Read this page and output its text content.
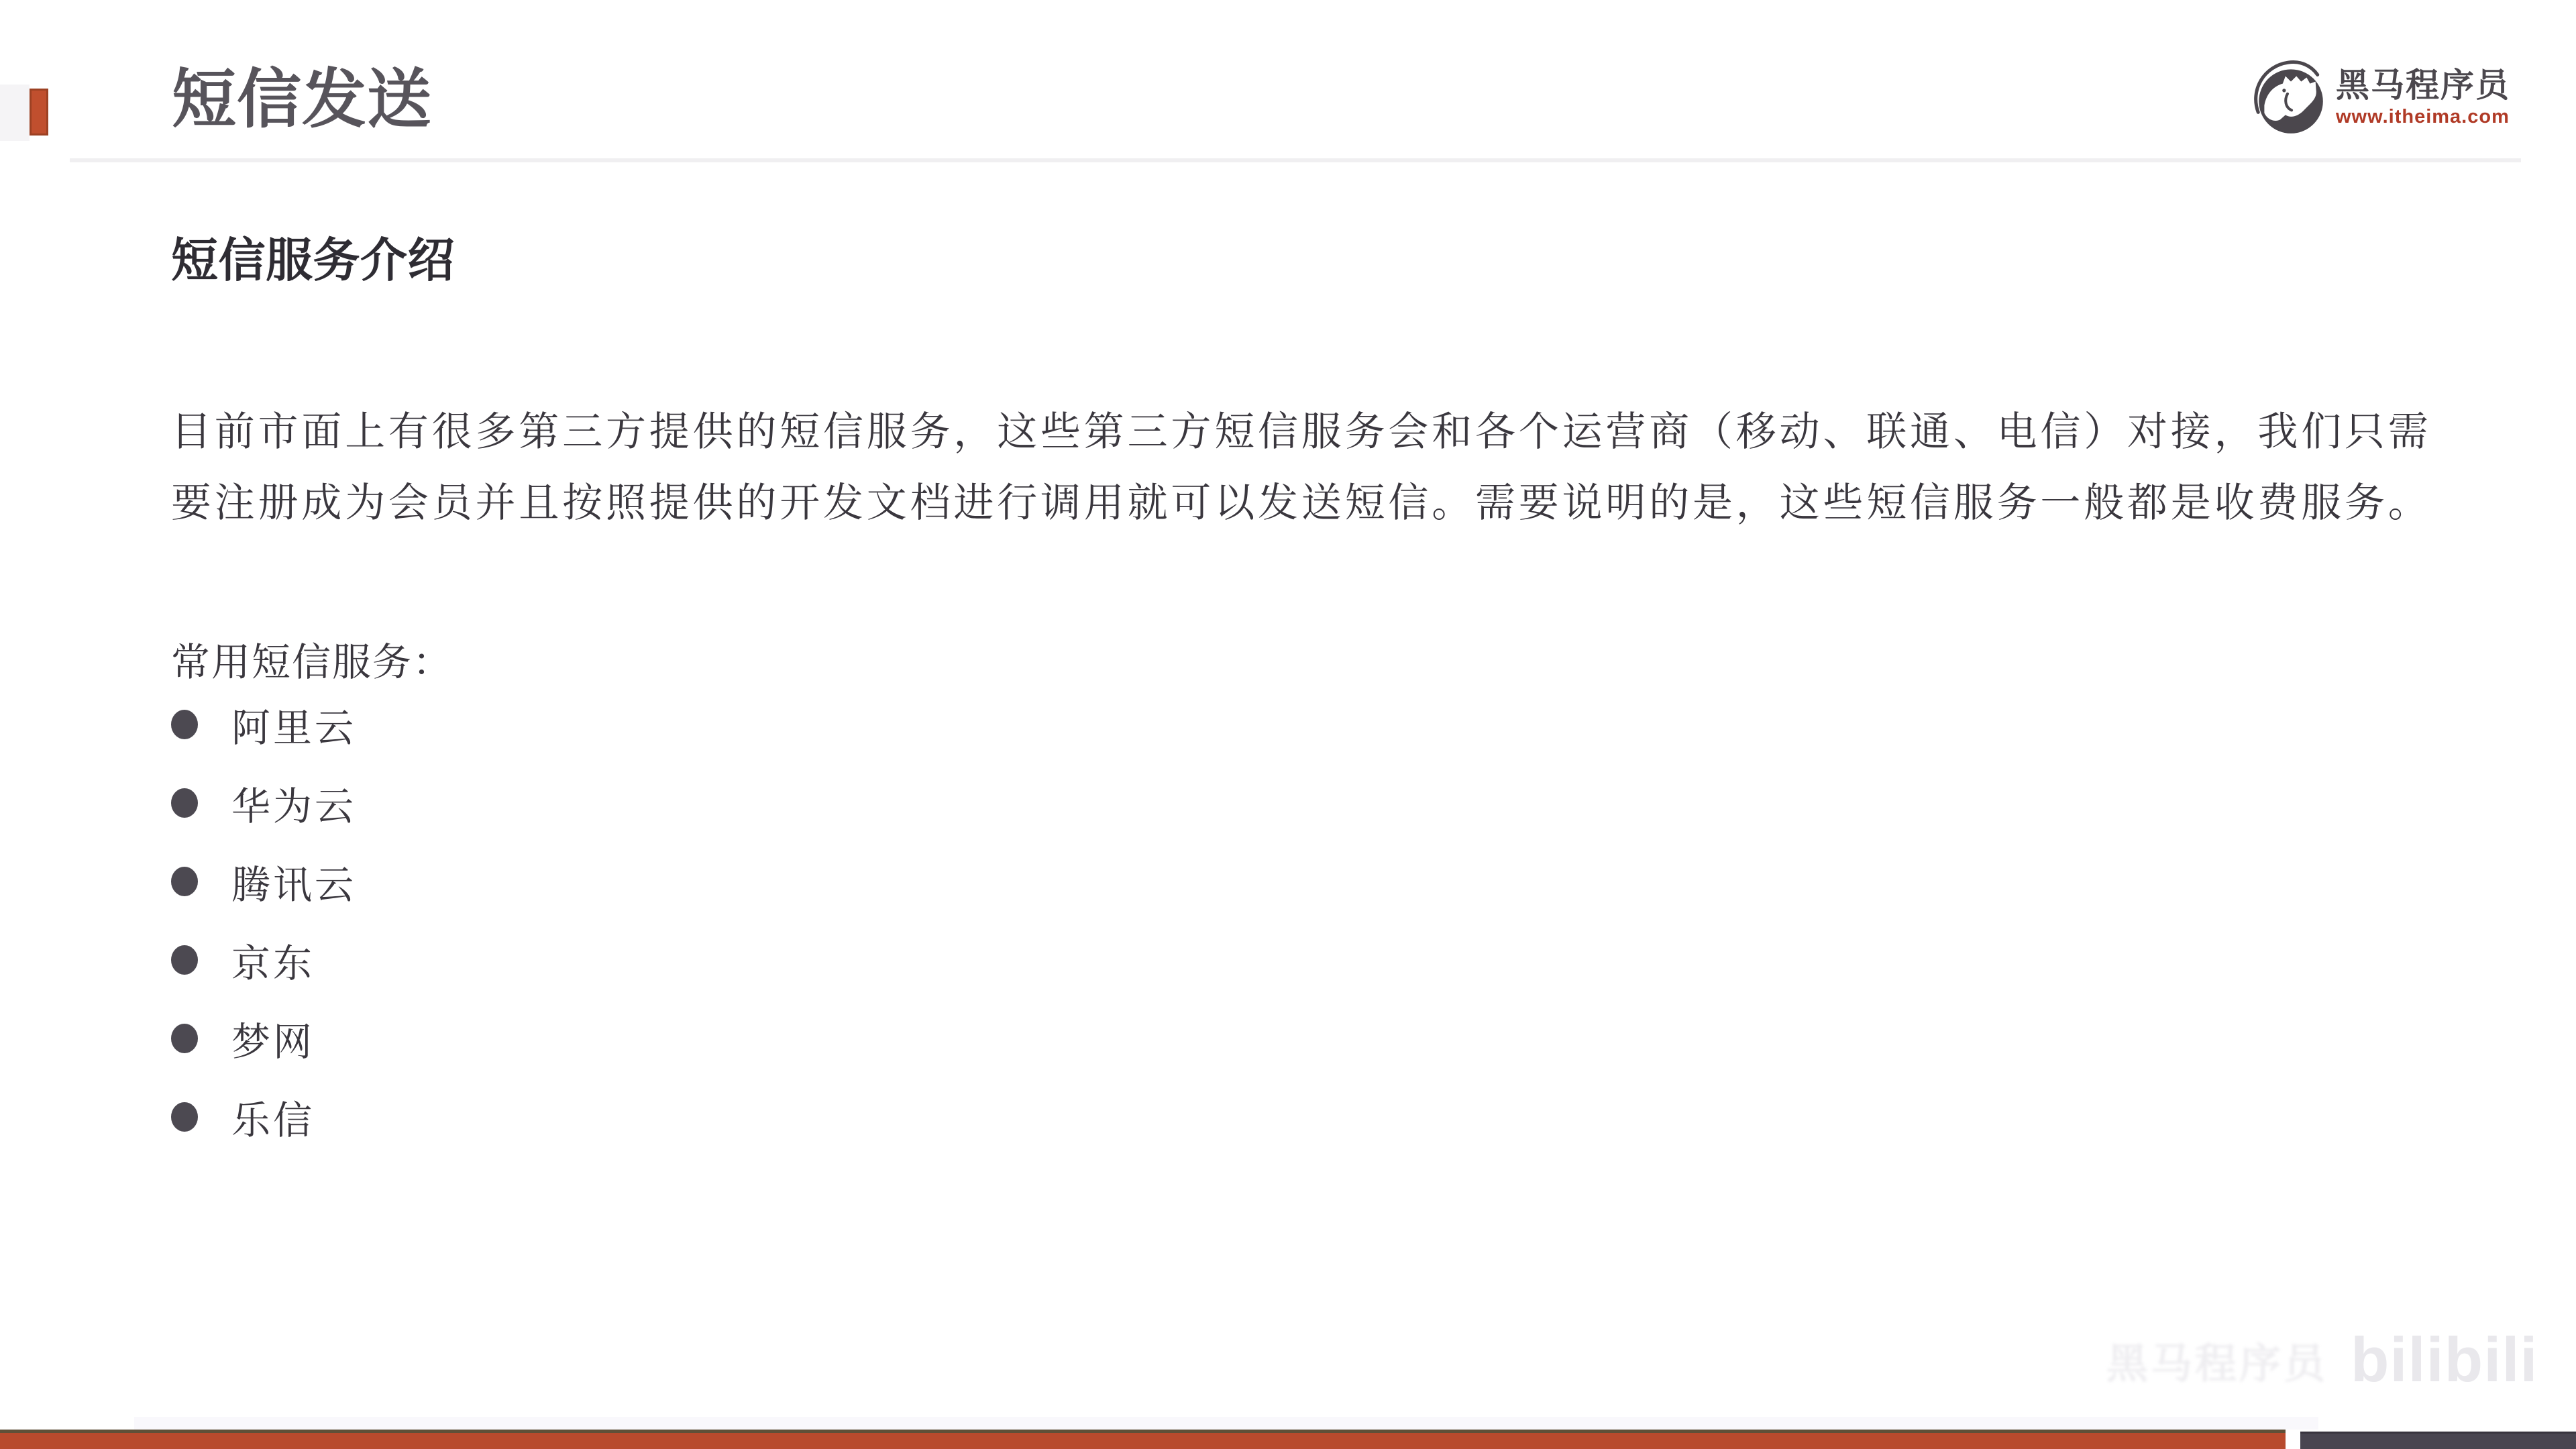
短信发送	黑马程序员
www.itheima.com
短信服务介绍

目前市面上有很多第三方提供的短信服务，这些第三方短信服务会和各个运营商（移动、联通、电信）对接，我们只需

要注册成为会员并且按照提供的开发文档进行调用就可以发送短信。需要说明的是，这些短信服务一般都是收费服务。

常用短信服务：

阿里云
华为云
腾讯云
京东
梦网
乐信
黑马程序员 bilibili
